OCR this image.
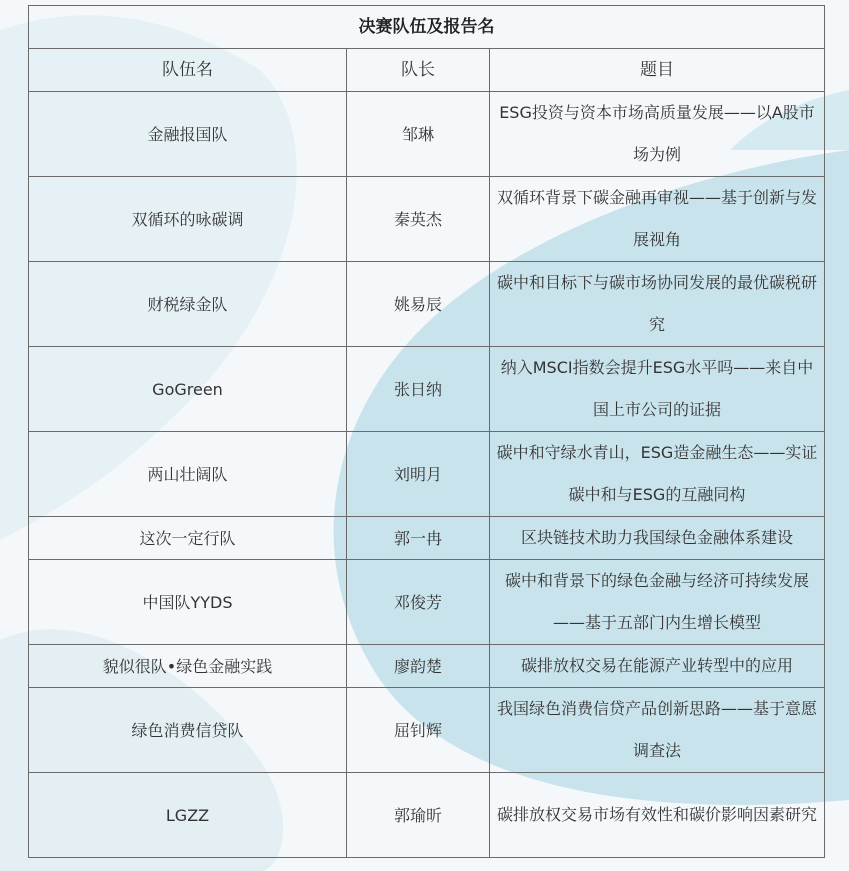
决赛队伍及报告名		
队伍名	队长	题目
金融报国队	邹琳	ESG投资与资本市场高质量发展——以A股市场为例
双循环的咏碳调	秦英杰	双循环背景下碳金融再审视——基于创新与发展视角
财税绿金队	姚易辰	碳中和目标下与碳市场协同发展的最优碳税研究
GoGreen	张日纳	纳入MSCI指数会提升ESG水平吗——来自中国上市公司的证据
两山壮阔队	刘明月	碳中和守绿水青山，ESG造金融生态——实证碳中和与ESG的互融同构
这次一定行队	郭一冉	区块链技术助力我国绿色金融体系建设
中国队YYDS	邓俊芳	碳中和背景下的绿色金融与经济可持续发展——基于五部门内生增长模型
貌似很队•绿色金融实践	廖韵楚	碳排放权交易在能源产业转型中的应用
绿色消费信贷队	屈钊辉	我国绿色消费信贷产品创新思路——基于意愿调查法
LGZZ	郭瑜昕	碳排放权交易市场有效性和碳价影响因素研究
